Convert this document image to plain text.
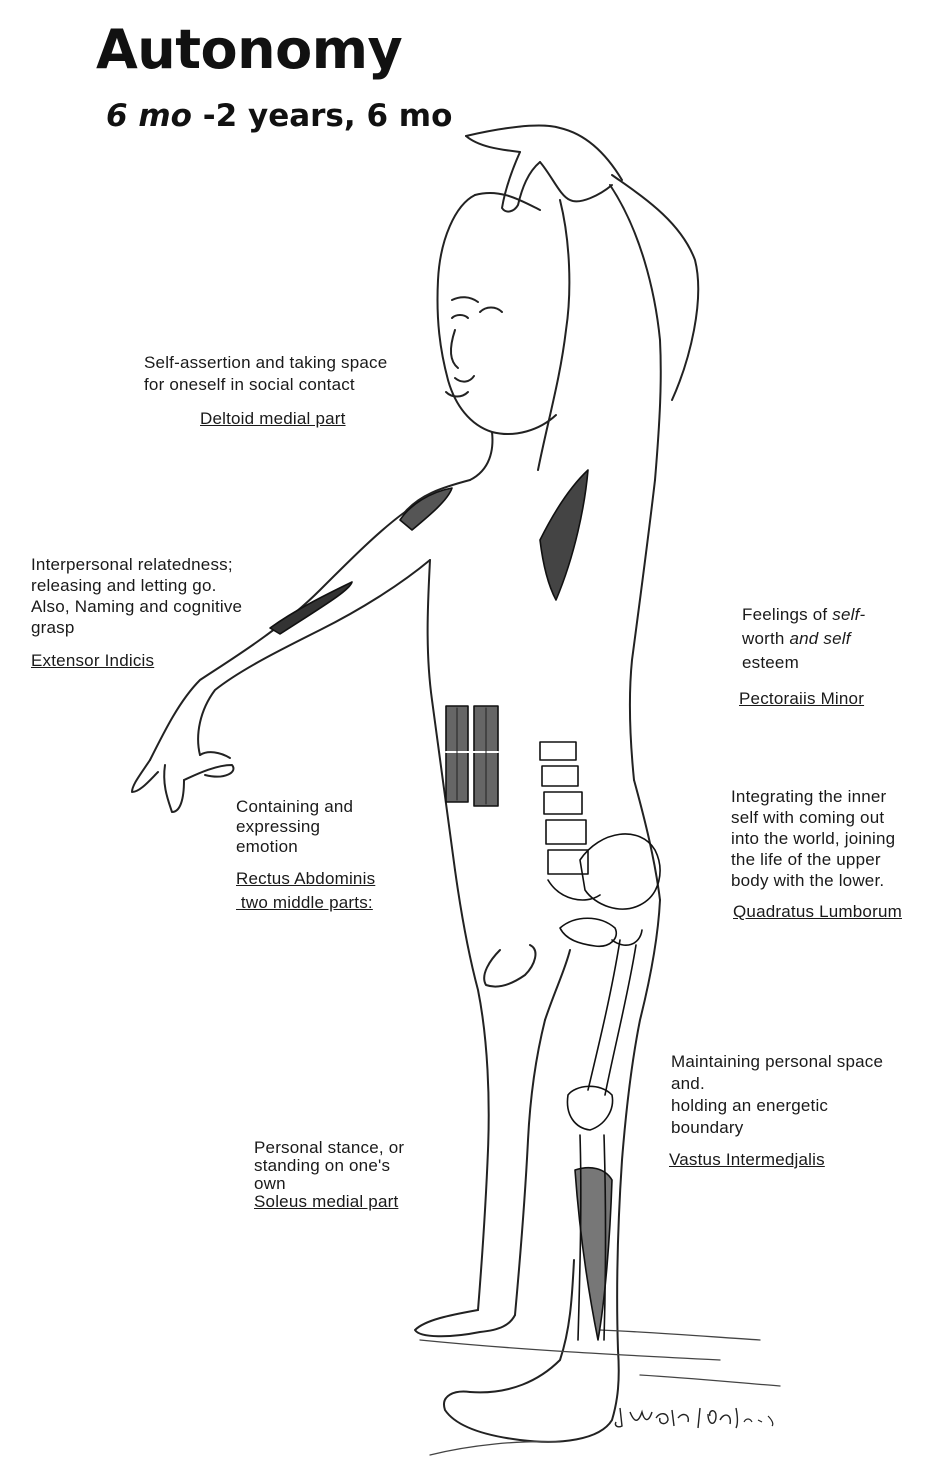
Autonomy
6 mo -2 years, 6 mo
Self-assertion and taking space
for oneself in social contact
Deltoid medial part
Interpersonal relatedness;
releasing and letting go.
Also, Naming and cognitive
grasp
Extensor Indicis
Feelings of self-
worth and self
esteem
Pectoraiis Minor
Containing and
expressing
emotion
Rectus Abdominis
two middle parts:
Integrating the inner
self with coming out
into the world, joining
the life of the upper
body with the lower.
Quadratus Lumborum
Maintaining personal space
and.
holding an energetic
boundary
Vastus Intermedjalis
Personal stance, or
standing on one's
own
Soleus medial part
